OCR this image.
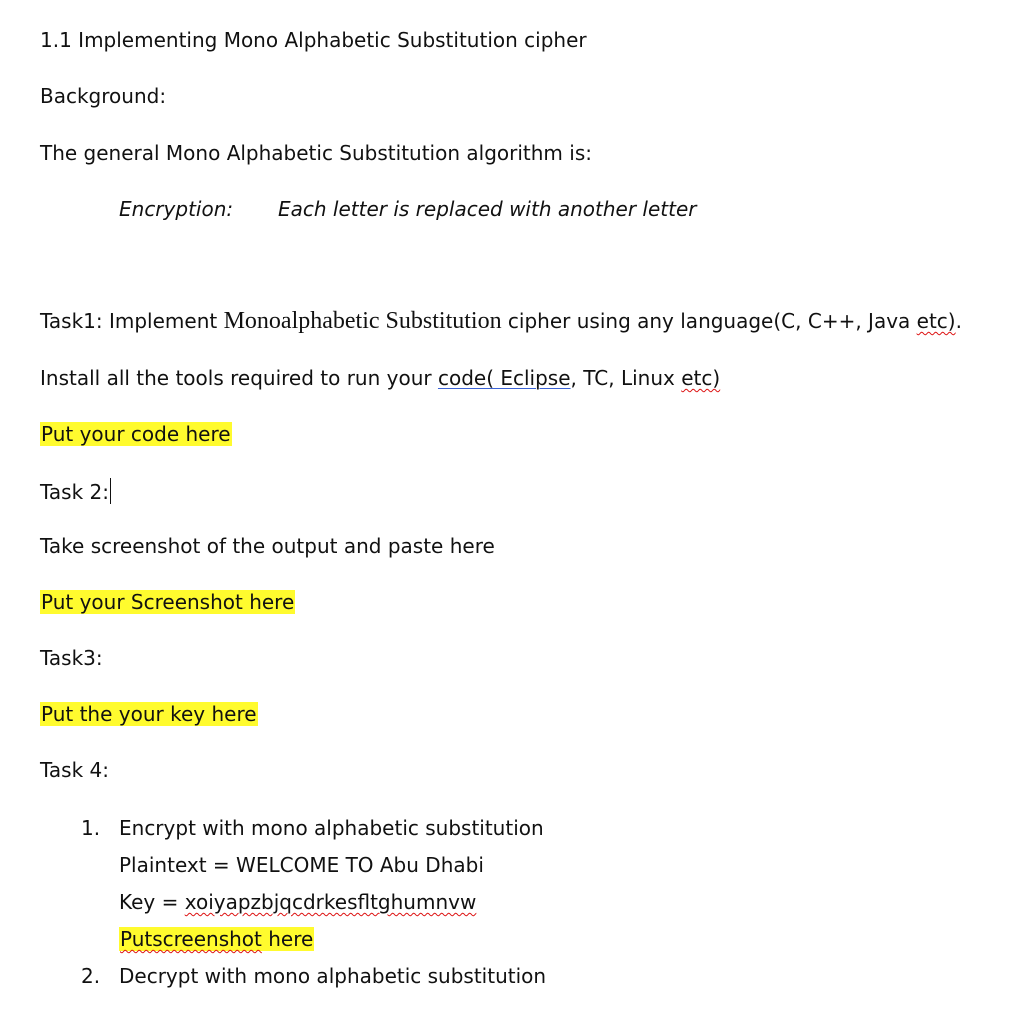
1.1 Implementing Mono Alphabetic Substitution cipher
Background:
The general Mono Alphabetic Substitution algorithm is:
Encryption: Each letter is replaced with another letter
Task1: Implement Monoalphabetic Substitution cipher using any language(C, C++, Java etc).
Install all the tools required to run your code( Eclipse, TC, Linux etc)
Put your code here
Task 2:
Take screenshot of the output and paste here
Put your Screenshot here
Task3:
Put the your key here
Task 4:
1. Encrypt with mono alphabetic substitution
Plaintext = WELCOME TO Abu Dhabi
Key = xoiyapzbjqcdrkesfltghumnvw
Putscreenshot here
2. Decrypt with mono alphabetic substitution
